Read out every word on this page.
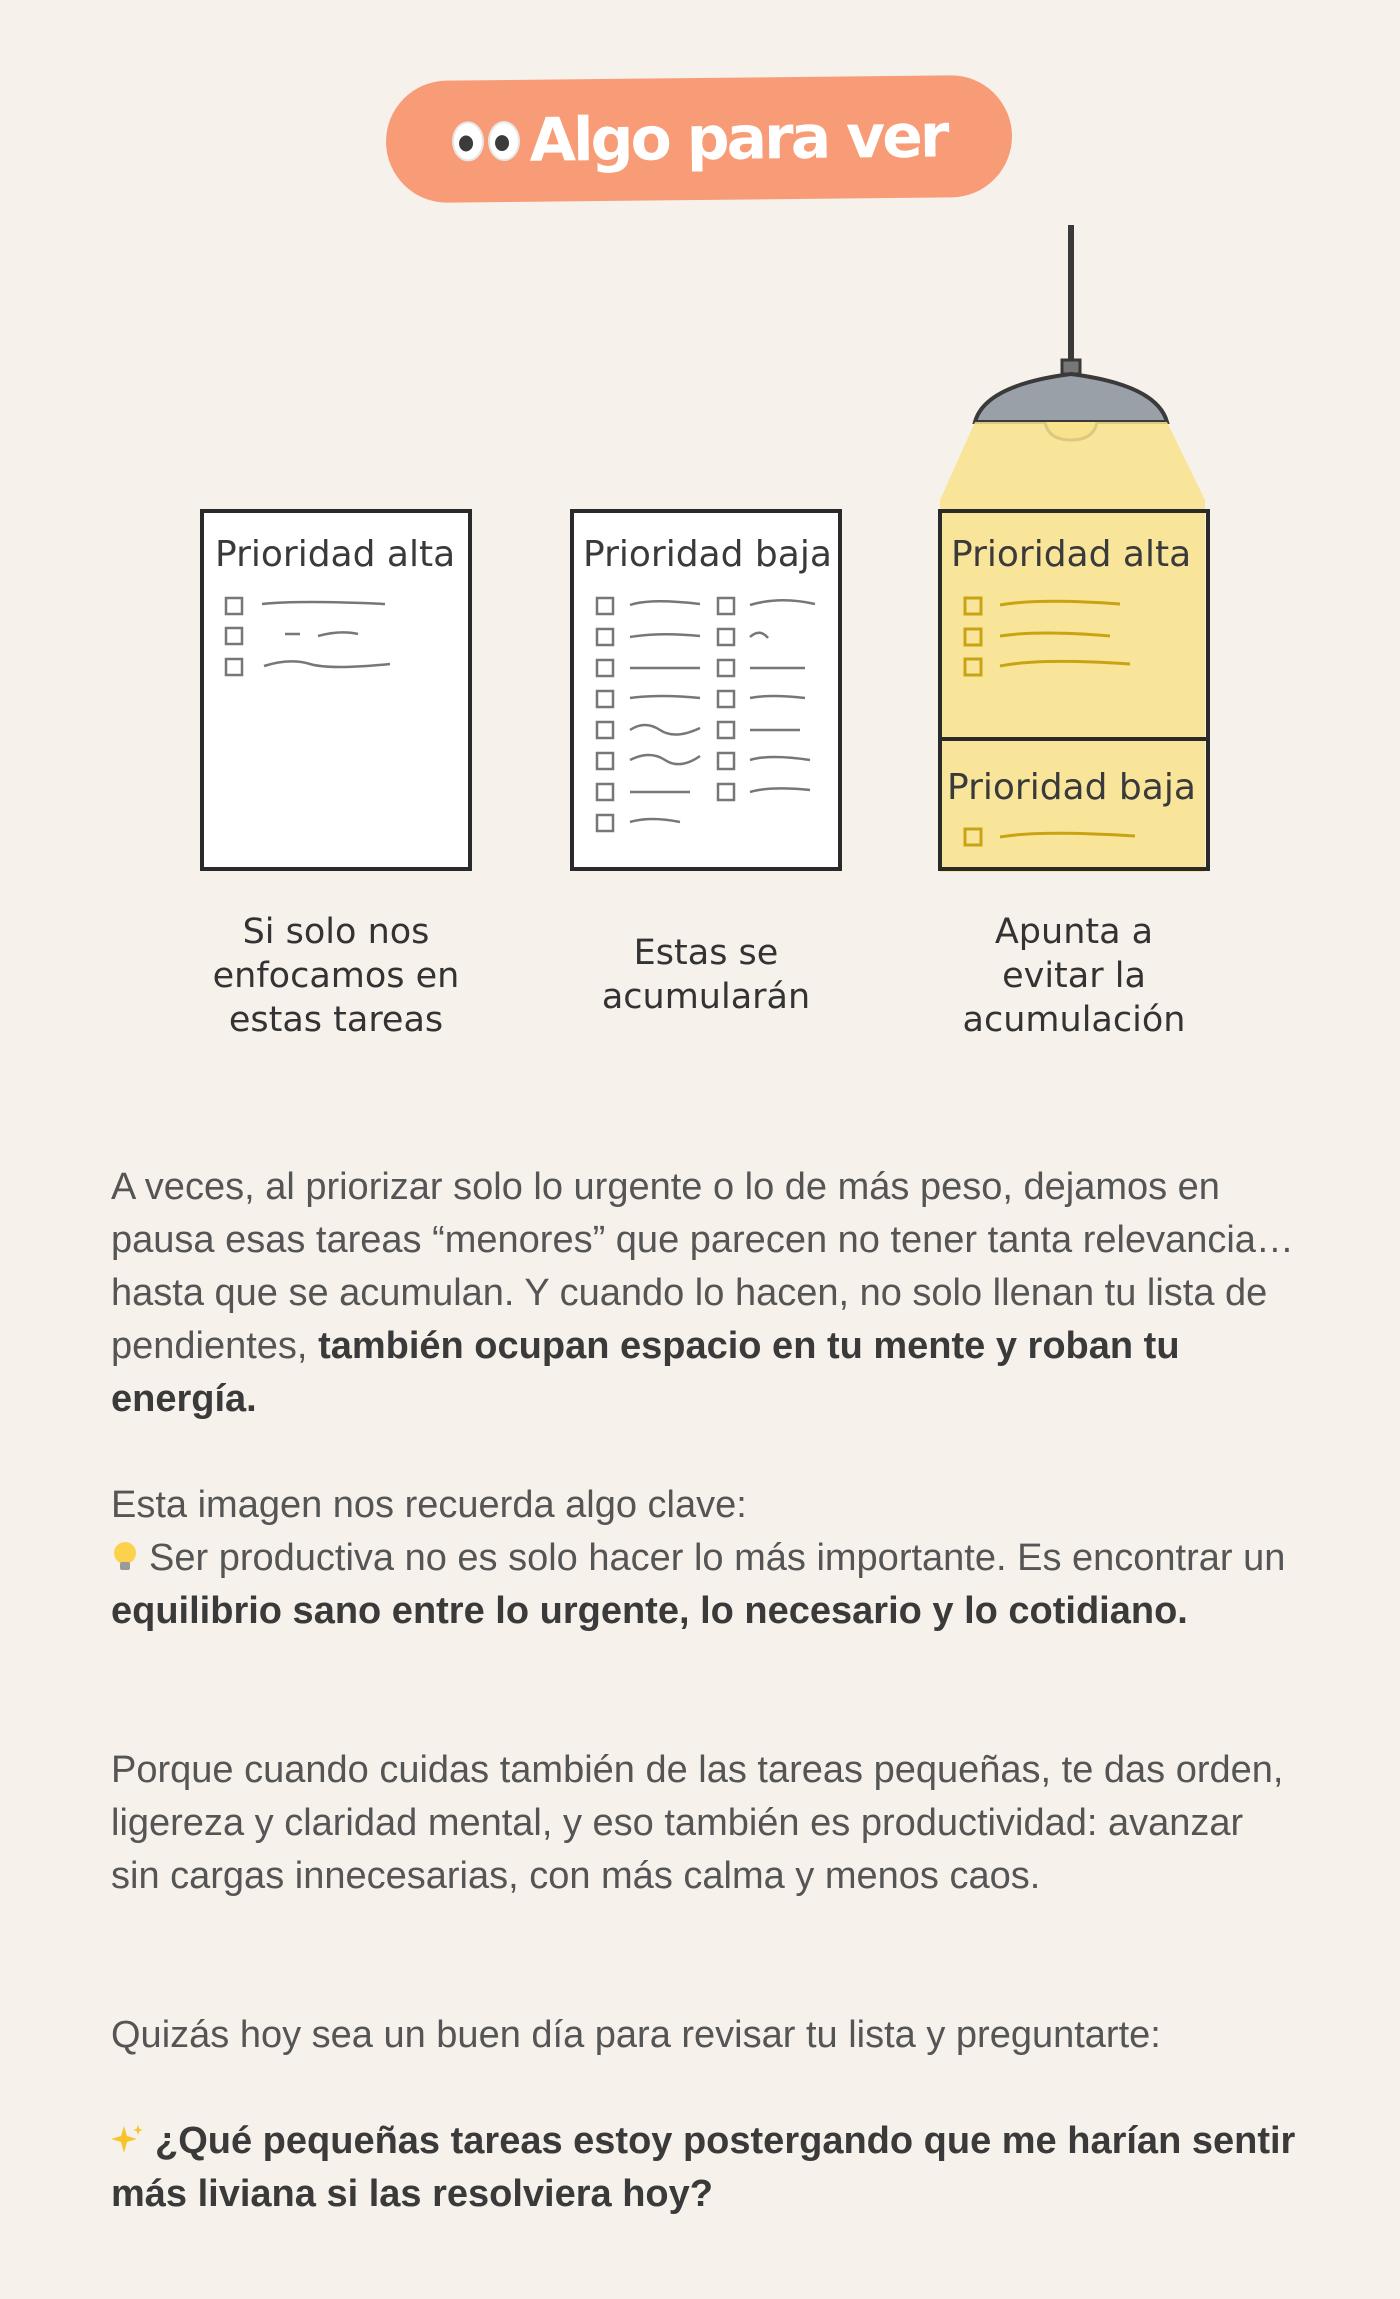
Algo para ver
Prioridad alta	Prioridad baja	Prioridad alta
Prioridad baja
Si solo nos
enfocamos en
estas tareas
Estas se
acumularán
Apunta a
evitar la
acumulación
A veces, al priorizar solo lo urgente o lo de más peso, dejamos en pausa esas tareas “menores” que parecen no tener tanta relevancia… hasta que se acumulan. Y cuando lo hacen, no solo llenan tu lista de pendientes, también ocupan espacio en tu mente y roban tu energía.
Esta imagen nos recuerda algo clave:
Ser productiva no es solo hacer lo más importante. Es encontrar un equilibrio sano entre lo urgente, lo necesario y lo cotidiano.
Porque cuando cuidas también de las tareas pequeñas, te das orden, ligereza y claridad mental, y eso también es productividad: avanzar sin cargas innecesarias, con más calma y menos caos.
Quizás hoy sea un buen día para revisar tu lista y preguntarte:
¿Qué pequeñas tareas estoy postergando que me harían sentir más liviana si las resolviera hoy?
